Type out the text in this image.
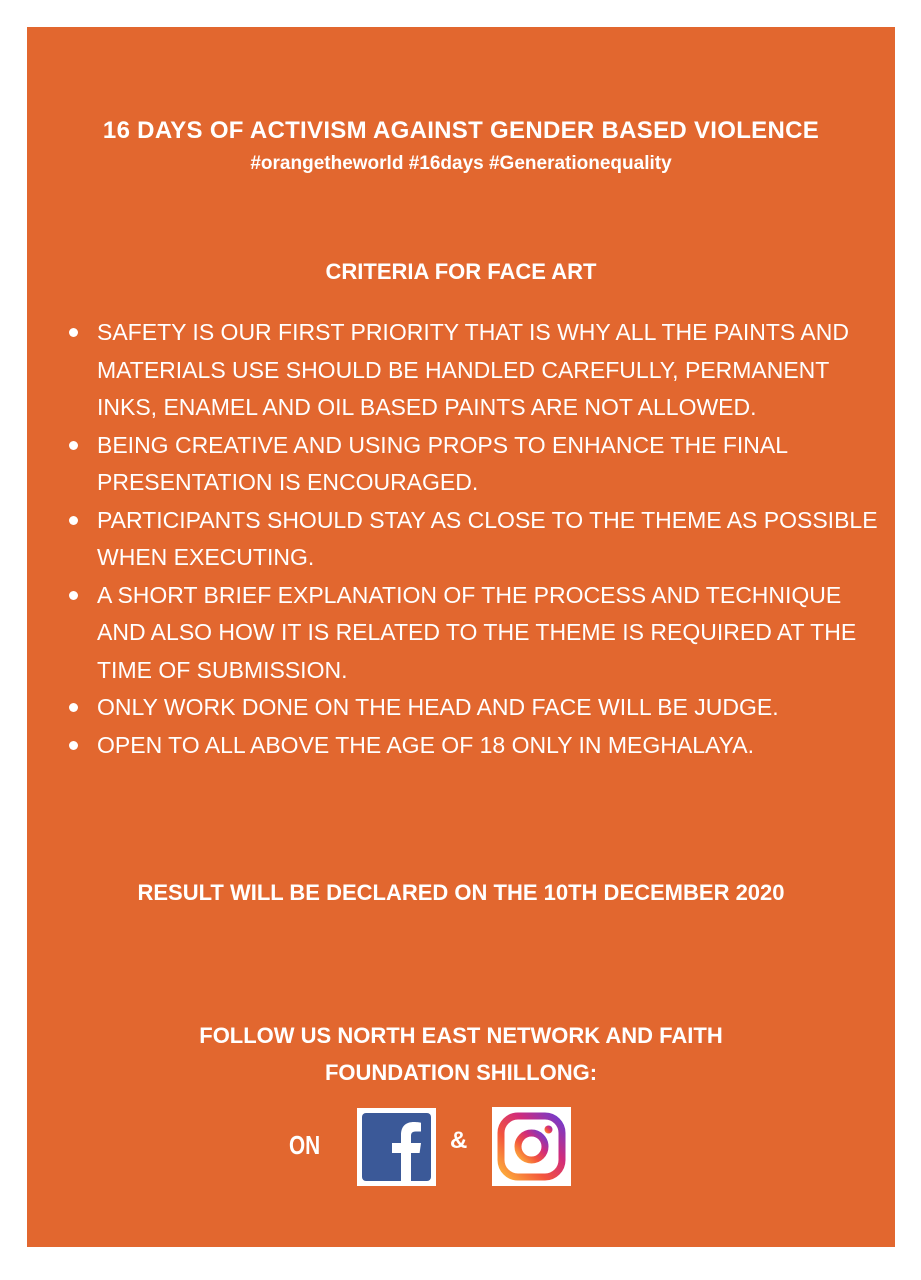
16 DAYS OF ACTIVISM AGAINST GENDER BASED VIOLENCE
#orangetheworld #16days #Generationequality
CRITERIA FOR FACE ART
SAFETY IS OUR FIRST PRIORITY THAT IS WHY ALL THE PAINTS AND MATERIALS USE SHOULD BE HANDLED CAREFULLY, PERMANENT INKS, ENAMEL AND OIL BASED PAINTS ARE NOT ALLOWED.
BEING CREATIVE AND USING PROPS TO ENHANCE THE FINAL PRESENTATION IS ENCOURAGED.
PARTICIPANTS SHOULD STAY AS CLOSE TO THE THEME AS POSSIBLE WHEN EXECUTING.
A SHORT BRIEF EXPLANATION OF THE PROCESS AND TECHNIQUE AND ALSO HOW IT IS RELATED TO THE THEME IS REQUIRED AT THE TIME OF SUBMISSION.
ONLY WORK DONE ON THE HEAD AND FACE WILL BE JUDGE.
OPEN TO ALL ABOVE THE AGE OF 18 ONLY IN MEGHALAYA.
RESULT WILL BE DECLARED ON THE 10TH DECEMBER 2020
FOLLOW US NORTH EAST NETWORK AND FAITH
FOUNDATION SHILLONG:
ON	&
